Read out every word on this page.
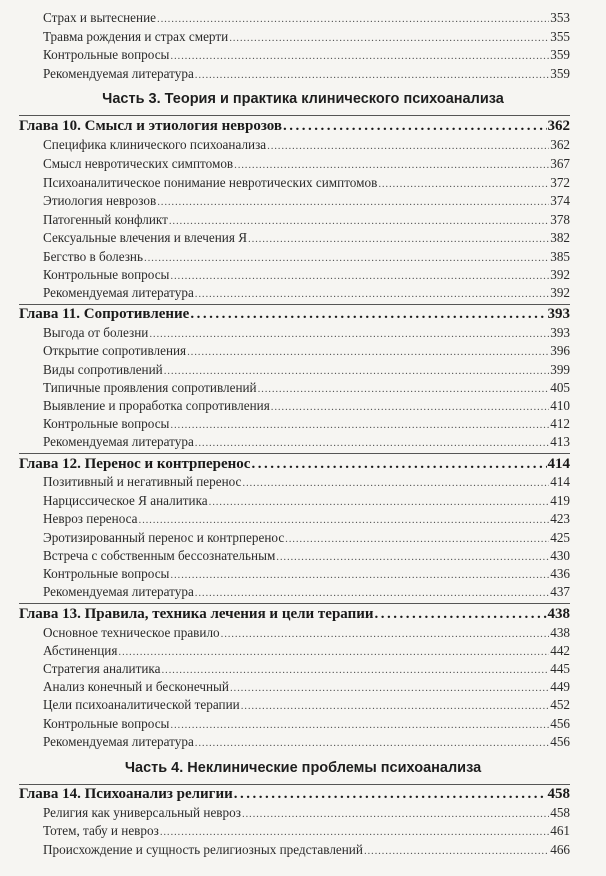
Страх и вытеснение .....	353
Травма рождения и страх смерти .....	355
Контрольные вопросы .....	359
Рекомендуемая литература .....	359
Часть 3. Теория и практика клинического психоанализа
Глава 10. Смысл и этиология неврозов .....	362
Специфика клинического психоанализа .....	362
Смысл невротических симптомов .....	367
Психоаналитическое понимание невротических симптомов .....	372
Этиология неврозов .....	374
Патогенный конфликт .....	378
Сексуальные влечения и влечения Я .....	382
Бегство в болезнь .....	385
Контрольные вопросы .....	392
Рекомендуемая литература .....	392
Глава 11. Сопротивление .....	393
Выгода от болезни .....	393
Открытие сопротивления .....	396
Виды сопротивлений .....	399
Типичные проявления сопротивлений .....	405
Выявление и проработка сопротивления .....	410
Контрольные вопросы .....	412
Рекомендуемая литература .....	413
Глава 12. Перенос и контрперенос .....	414
Позитивный и негативный перенос .....	414
Нарциссическое Я аналитика .....	419
Невроз переноса .....	423
Эротизированный перенос и контрперенос .....	425
Встреча с собственным бессознательным .....	430
Контрольные вопросы .....	436
Рекомендуемая литература .....	437
Глава 13. Правила, техника лечения и цели терапии .....	438
Основное техническое правило .....	438
Абстиненция .....	442
Стратегия аналитика .....	445
Анализ конечный и бесконечный .....	449
Цели психоаналитической терапии .....	452
Контрольные вопросы .....	456
Рекомендуемая литература .....	456
Часть 4. Неклинические проблемы психоанализа
Глава 14. Психоанализ религии .....	458
Религия как универсальный невроз .....	458
Тотем, табу и невроз .....	461
Происхождение и сущность религиозных представлений .....	466
